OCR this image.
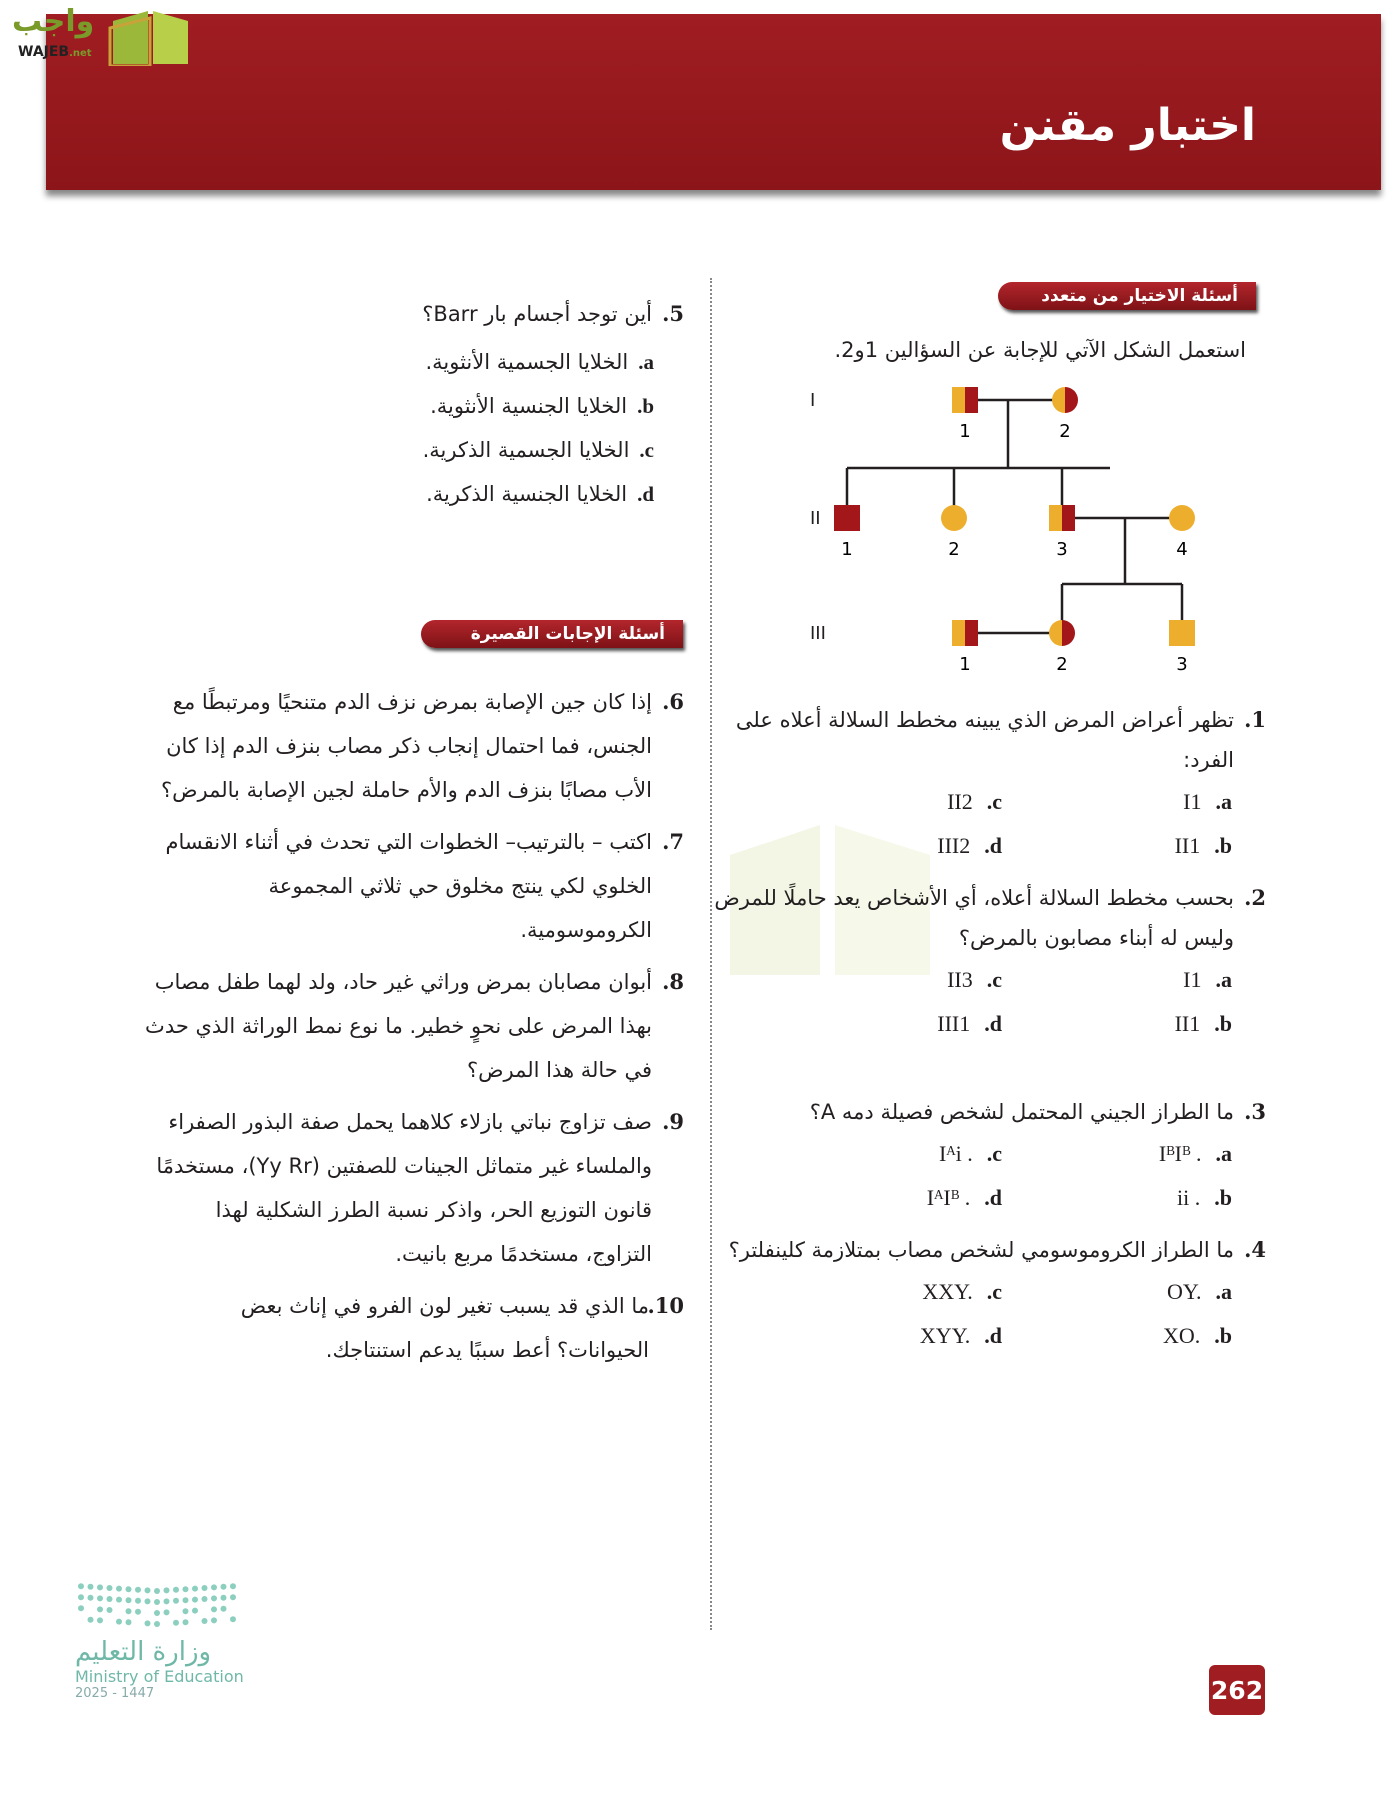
اختبار مقنن
واجب
WAJEB.net
أسئلة الاختيار من متعدد
استعمل الشكل الآتي للإجابة عن السؤالين 1و2.
I
II
III
1	2
1	2	3	4
1	2	3
1.
تظهر أعراض المرض الذي يبينه مخطط السلالة أعلاه على الفرد:
a.I1
c.II2
b.II1
d.III2
2.
بحسب مخطط السلالة أعلاه، أي الأشخاص يعد حاملًا للمرض وليس له أبناء مصابون بالمرض؟
a.I1
c.II3
b.II1
d.III1
3.
ما الطراز الجيني المحتمل لشخص فصيلة دمه A؟
a.IᴮIᴮ .
c.Iᴬi .
b.ii .
d.IᴬIᴮ .
4.
ما الطراز الكروموسومي لشخص مصاب بمتلازمة كلينفلتر؟
a.OY.
c.XXY.
b.XO.
d.XYY.
5.
أين توجد أجسام بار Barr؟
a.الخلايا الجسمية الأنثوية.
b.الخلايا الجنسية الأنثوية.
c.الخلايا الجسمية الذكرية.
d.الخلايا الجنسية الذكرية.
أسئلة الإجابات القصيرة
6.
إذا كان جين الإصابة بمرض نزف الدم متنحيًا ومرتبطًا مع الجنس، فما احتمال إنجاب ذكر مصاب بنزف الدم إذا كان الأب مصابًا بنزف الدم والأم حاملة لجين الإصابة بالمرض؟
7.
اكتب – بالترتيب– الخطوات التي تحدث في أثناء الانقسام الخلوي لكي ينتج مخلوق حي ثلاثي المجموعة الكروموسومية.
8.
أبوان مصابان بمرض وراثي غير حاد، ولد لهما طفل مصاب بهذا المرض على نحوٍ خطير. ما نوع نمط الوراثة الذي حدث في حالة هذا المرض؟
9.
صف تزاوج نباتي بازلاء كلاهما يحمل صفة البذور الصفراء والملساء غير متماثل الجينات للصفتين (Yy Rr)، مستخدمًا قانون التوزيع الحر، واذكر نسبة الطرز الشكلية لهذا التزاوج، مستخدمًا مربع بانيت.
10.
ما الذي قد يسبب تغير لون الفرو في إناث بعض الحيوانات؟ أعط سببًا يدعم استنتاجك.
262
وزارة التعليم
Ministry of Education
2025 - 1447
